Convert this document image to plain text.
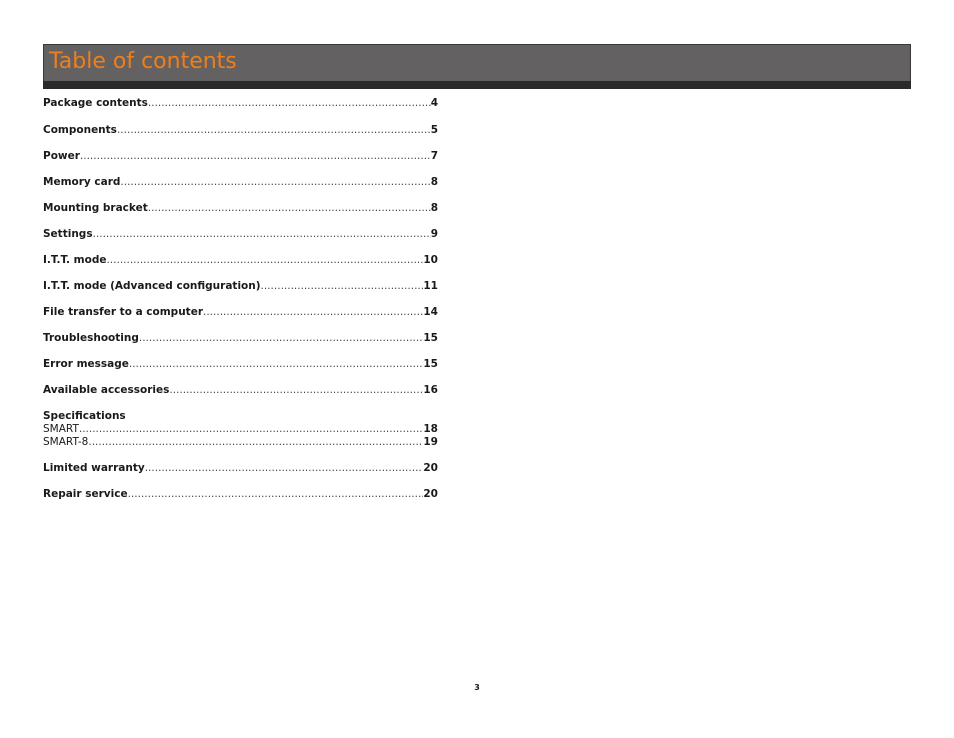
Table of contents
Package contents .....	4
Components .....	5
Power .....	7
Memory card .....	8
Mounting bracket .....	8
Settings .....	9
I.T.T. mode .....	10
I.T.T. mode (Advanced configuration) .....	11
File transfer to a computer .....	14
Troubleshooting .....	15
Error message .....	15
Available accessories .....	16
Specifications
SMART .....	18
SMART-8 .....	19
Limited warranty .....	20
Repair service .....	20
3
